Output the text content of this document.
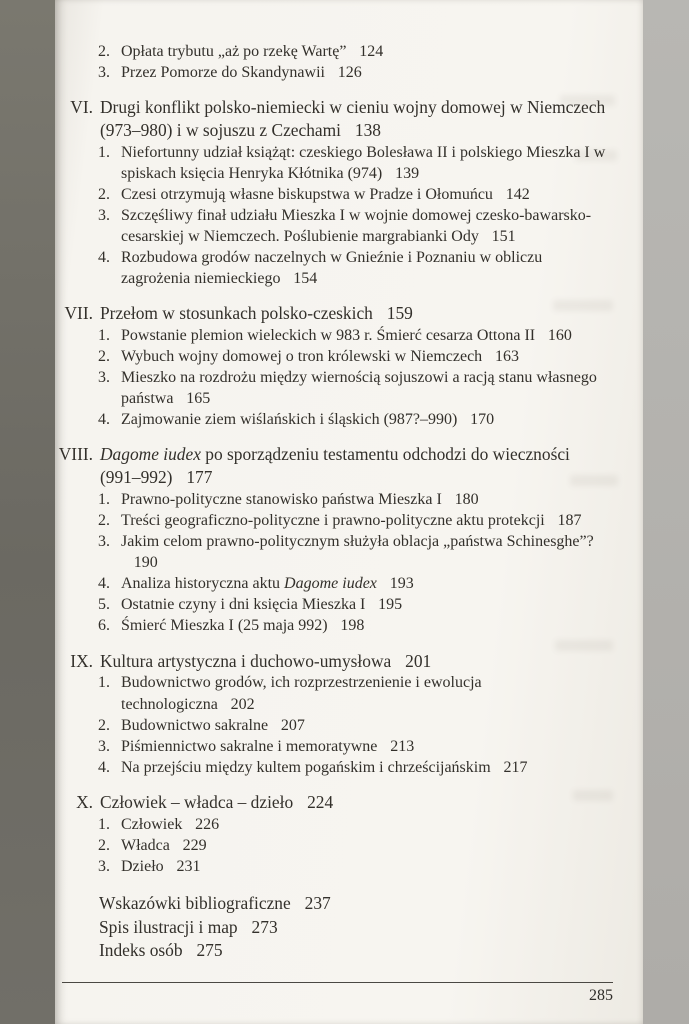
2. Opłata trybutu „aż po rzekę Wartę” 124
3. Przez Pomorze do Skandynawii 126
VI. Drugi konflikt polsko-niemiecki w cieniu wojny domowej w Niemczech (973–980) i w sojuszu z Czechami 138
1. Niefortunny udział książąt: czeskiego Bolesława II i polskiego Mieszka I w spiskach księcia Henryka Kłótnika (974) 139
2. Czesi otrzymują własne biskupstwa w Pradze i Ołomuńcu 142
3. Szczęśliwy finał udziału Mieszka I w wojnie domowej czesko-bawarsko-cesarskiej w Niemczech. Poślubienie margrabianki Ody 151
4. Rozbudowa grodów naczelnych w Gnieźnie i Poznaniu w obliczu zagrożenia niemieckiego 154
VII. Przełom w stosunkach polsko-czeskich 159
1. Powstanie plemion wieleckich w 983 r. Śmierć cesarza Ottona II 160
2. Wybuch wojny domowej o tron królewski w Niemczech 163
3. Mieszko na rozdrożu między wiernością sojuszowi a racją stanu własnego państwa 165
4. Zajmowanie ziem wiślańskich i śląskich (987?–990) 170
VIII. Dagome iudex po sporządzeniu testamentu odchodzi do wieczności (991–992) 177
1. Prawno-polityczne stanowisko państwa Mieszka I 180
2. Treści geograficzno-polityczne i prawno-polityczne aktu protekcji 187
3. Jakim celom prawno-politycznym służyła oblacja „państwa Schinesghe”?190
4. Analiza historyczna aktu Dagome iudex 193
5. Ostatnie czyny i dni księcia Mieszka I 195
6. Śmierć Mieszka I (25 maja 992) 198
IX. Kultura artystyczna i duchowo-umysłowa 201
1. Budownictwo grodów, ich rozprzestrzenienie i ewolucja technologiczna 202
2. Budownictwo sakralne 207
3. Piśmiennictwo sakralne i memoratywne 213
4. Na przejściu między kultem pogańskim i chrześcijańskim 217
X. Człowiek – władca – dzieło 224
1. Człowiek 226
2. Władca 229
3. Dzieło 231
Wskazówki bibliograficzne 237
Spis ilustracji i map 273
Indeks osób 275
285
